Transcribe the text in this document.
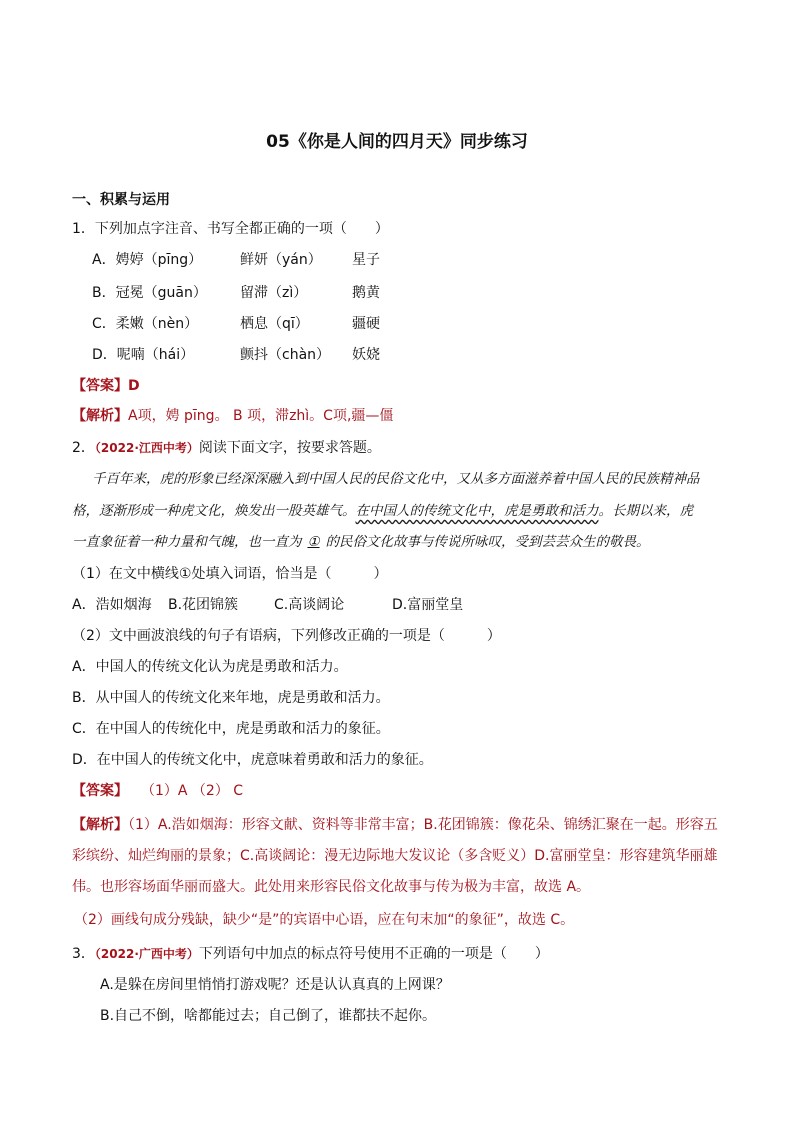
05《你是人间的四月天》同步练习
一、积累与运用
1．下列加点字注音、书写全都正确的一项（　　）
A．娉婷（pīng）	鲜妍（yán） 星子
B．冠冕（guān） 留滞（zì）	鹅黄
C．柔嫩（nèn）	栖息（qī）	疆硬
D．呢喃（hái）	颤抖（chàn） 妖娆
【答案】D
【解析】A项，娉 pīng。 B 项，滞zhì。C项,疆—僵
2．（2022·江西中考）阅读下面文字，按要求答题。
千百年来，虎的形象已经深深融入到中国人民的民俗文化中，又从多方面滋养着中国人民的民族精神品
格，逐渐形成一种虎文化，焕发出一股英雄气。在中国人的传统文化中，虎是勇敢和活力。长期以来，虎
一直象征着一种力量和气魄，也一直为 ① 的民俗文化故事与传说所咏叹，受到芸芸众生的敬畏。
（1）在文中横线①处填入词语，恰当是（　　　）
A．浩如烟海 B.花团锦簇	C.高谈阔论	D.富丽堂皇
（2）文中画波浪线的句子有语病，下列修改正确的一项是（　　　）
A．中国人的传统文化认为虎是勇敢和活力。
B．从中国人的传统文化来年地，虎是勇敢和活力。
C．在中国人的传统化中，虎是勇敢和活力的象征。
D．在中国人的传统文化中，虎意味着勇敢和活力的象征。
【答案】 （1）A （2） C
【解析】（1）A.浩如烟海：形容文献、资料等非常丰富；B.花团锦簇：像花朵、锦绣汇聚在一起。形容五
彩缤纷、灿烂绚丽的景象；C.高谈阔论：漫无边际地大发议论（多含贬义）D.富丽堂皇：形容建筑华丽雄
伟。也形容场面华丽而盛大。此处用来形容民俗文化故事与传为极为丰富，故选 A。
（2）画线句成分残缺，缺少“是”的宾语中心语，应在句末加“的象征”，故选 C。
3．（2022·广西中考）下列语句中加点的标点符号使用不正确的一项是（　　）
A.是躲在房间里悄悄打游戏呢？还是认认真真的上网课？
B.自己不倒，啥都能过去；自己倒了，谁都扶不起你。
